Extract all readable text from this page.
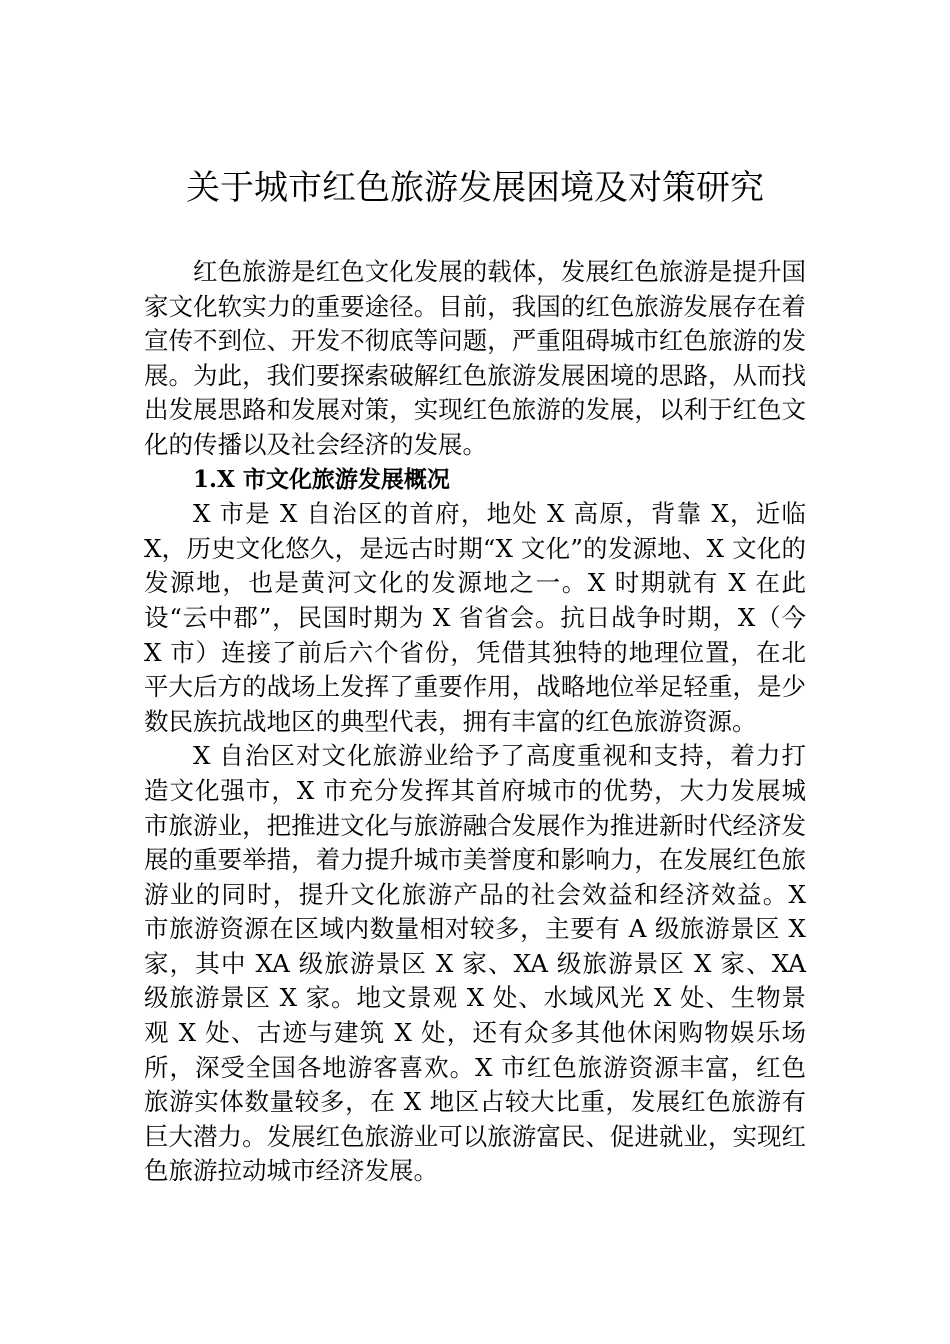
关于城市红色旅游发展困境及对策研究

红色旅游是红色文化发展的载体，发展红色旅游是提升国家文化软实力的重要途径。目前，我国的红色旅游发展存在着宣传不到位、开发不彻底等问题，严重阻碍城市红色旅游的发展。为此，我们要探索破解红色旅游发展困境的思路，从而找出发展思路和发展对策，实现红色旅游的发展，以利于红色文化的传播以及社会经济的发展。

1.X 市文化旅游发展概况

X 市是 X 自治区的首府，地处 X 高原，背靠 X，近临 X，历史文化悠久，是远古时期“X 文化”的发源地、X 文化的发源地，也是黄河文化的发源地之一。X 时期就有 X 在此设“云中郡”，民国时期为 X 省省会。抗日战争时期，X（今 X 市）连接了前后六个省份，凭借其独特的地理位置，在北平大后方的战场上发挥了重要作用，战略地位举足轻重，是少数民族抗战地区的典型代表，拥有丰富的红色旅游资源。

X 自治区对文化旅游业给予了高度重视和支持，着力打造文化强市，X 市充分发挥其首府城市的优势，大力发展城市旅游业，把推进文化与旅游融合发展作为推进新时代经济发展的重要举措，着力提升城市美誉度和影响力，在发展红色旅游业的同时，提升文化旅游产品的社会效益和经济效益。X 市旅游资源在区域内数量相对较多，主要有 A 级旅游景区 X 家，其中 XA 级旅游景区 X 家、XA 级旅游景区 X 家、XA 级旅游景区 X 家。地文景观 X 处、水域风光 X 处、生物景观 X 处、古迹与建筑 X 处，还有众多其他休闲购物娱乐场所，深受全国各地游客喜欢。X 市红色旅游资源丰富，红色旅游实体数量较多，在 X 地区占较大比重，发展红色旅游有巨大潜力。发展红色旅游业可以旅游富民、促进就业，实现红色旅游拉动城市经济发展。
